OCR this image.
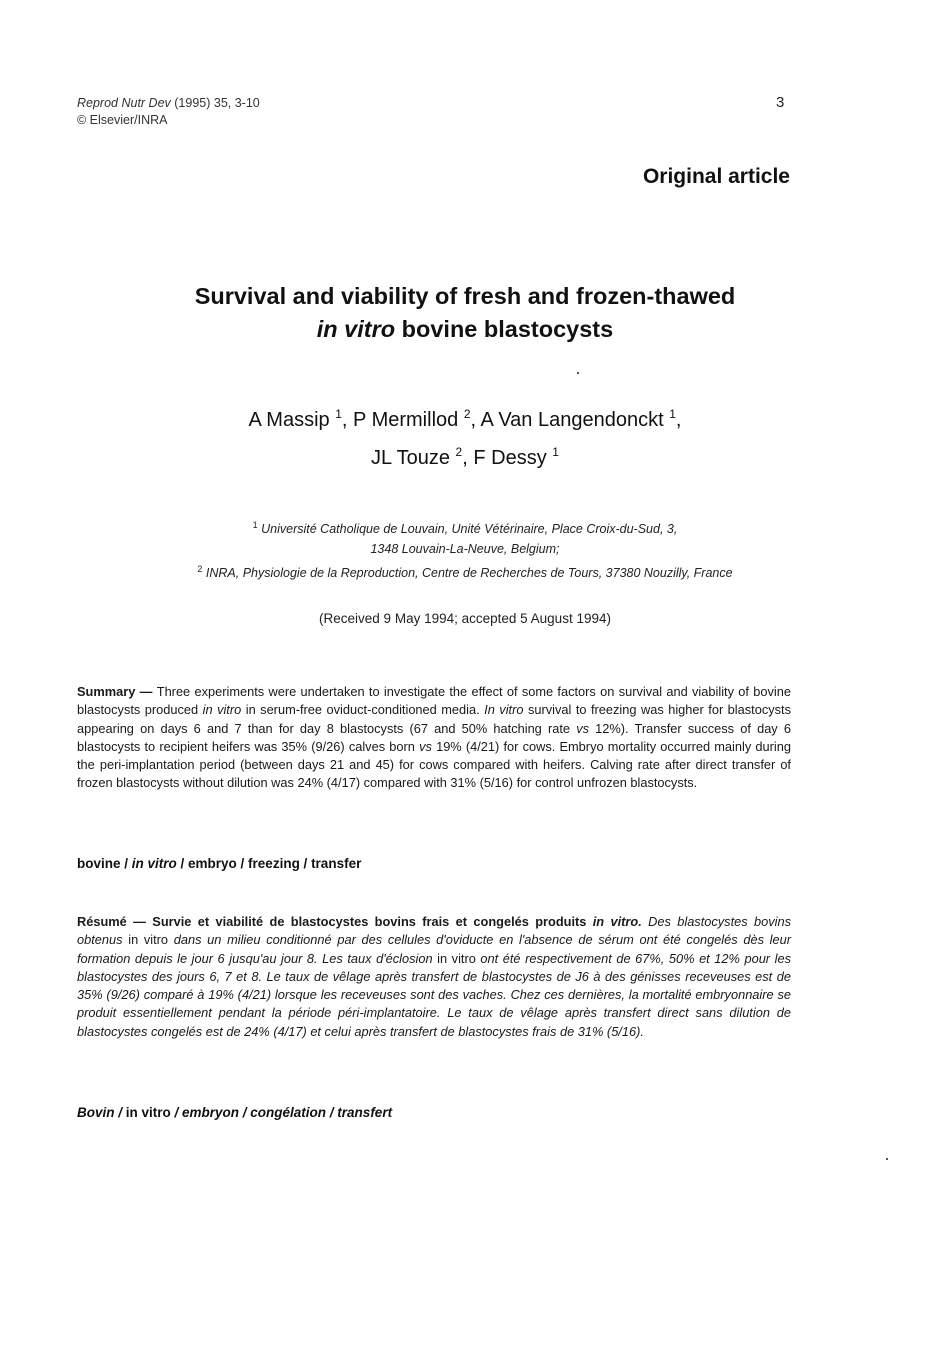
Reprod Nutr Dev (1995) 35, 3-10
© Elsevier/INRA
3
Original article
Survival and viability of fresh and frozen-thawed
in vitro bovine blastocysts
A Massip $^1$, P Mermillod $^2$, A Van Langendonckt $^1$,
JL Touze $^2$, F Dessy $^1$
$^1$ Université Catholique de Louvain, Unité Vétérinaire, Place Croix-du-Sud, 3,
1348 Louvain-La-Neuve, Belgium;
$^2$ INRA, Physiologie de la Reproduction, Centre de Recherches de Tours, 37380 Nouzilly, France
(Received 9 May 1994; accepted 5 August 1994)
Summary — Three experiments were undertaken to investigate the effect of some factors on survival and viability of bovine blastocysts produced in vitro in serum-free oviduct-conditioned media. In vitro survival to freezing was higher for blastocysts appearing on days 6 and 7 than for day 8 blastocysts (67 and 50% hatching rate vs 12%). Transfer success of day 6 blastocysts to recipient heifers was 35% (9/26) calves born vs 19% (4/21) for cows. Embryo mortality occurred mainly during the peri-implantation period (between days 21 and 45) for cows compared with heifers. Calving rate after direct transfer of frozen blastocysts without dilution was 24% (4/17) compared with 31% (5/16) for control unfrozen blastocysts.
bovine / in vitro / embryo / freezing / transfer
Résumé — Survie et viabilité de blastocystes bovins frais et congelés produits in vitro. Des blastocystes bovins obtenus in vitro dans un milieu conditionné par des cellules d'oviducte en l'absence de sérum ont été congelés dès leur formation depuis le jour 6 jusqu'au jour 8. Les taux d'éclosion in vitro ont été respectivement de 67%, 50% et 12% pour les blastocystes des jours 6, 7 et 8. Le taux de vêlage après transfert de blastocystes de J6 à des génisses receveuses est de 35% (9/26) comparé à 19% (4/21) lorsque les receveuses sont des vaches. Chez ces dernières, la mortalité embryonnaire se produit essentiellement pendant la période péri-implantatoire. Le taux de vêlage après transfert direct sans dilution de blastocystes congelés est de 24% (4/17) et celui après transfert de blastocystes frais de 31% (5/16).
Bovin / in vitro / embryon / congélation / transfert
